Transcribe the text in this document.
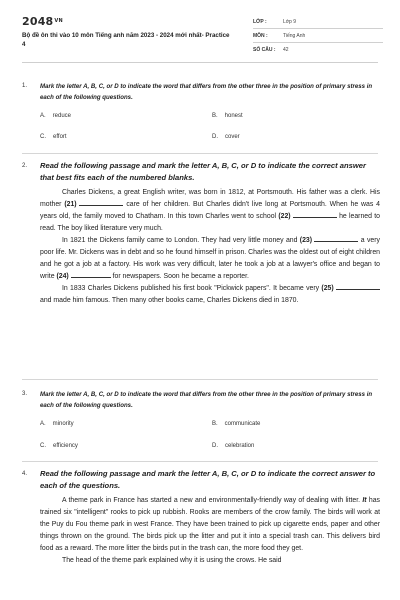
$2048^{VN}$
Bộ đề ôn thi vào 10 môn Tiếng anh năm 2023 - 2024 mới nhất- Practice 4
LỚP :	Lớp 9
MÔN :	Tiếng Anh
SỐ CÂU : 42
1. Mark the letter A, B, C, or D to indicate the word that differs from the other three in the position of primary stress in each of the following questions.
A. reduce	B. honest
C. effort	D. cover
2. Read the following passage and mark the letter A, B, C, or D to indicate the correct answer that best fits each of the numbered blanks.

Charles Dickens, a great English writer, was born in 1812, at Portsmouth. His father was a clerk. His mother (21)	care of her children. But Charles didn't live long at Portsmouth. When he was 4 years old, the family moved to Chatham. In this town Charles went to school (22)	he learned to read. The boy liked literature very much.

In 1821 the Dickens family came to London. They had very little money and (23)	a very poor life. Mr. Dickens was in debt and so he found himself in prison. Charles was the oldest out of eight children and he got a job at a factory. His work was very difficult, later he took a job at a lawyer's office and began to write (24)	for newspapers. Soon he became a reporter.

In 1833 Charles Dickens published his first book "Pickwick papers". It became very (25)  and made him famous. Then many other books came, Charles Dickens died in 1870.

3. Mark the letter A, B, C, or D to indicate the word that differs from the other three in the position of primary stress in each of the following questions.
A. minority	B. communicate
C. efficiency	D. celebration
4. Read the following passage and mark the letter A, B, C, or D to indicate the correct answer to each of the questions.

A theme park in France has started a new and environmentally-friendly way of dealing with litter. It has trained six "intelligent" rooks to pick up rubbish. Rooks are members of the crow family. The birds will work at the Puy du Fou theme park in west France. They have been trained to pick up cigarette ends, paper and other things thrown on the ground. The birds pick up the litter and put it into a special trash can. This delivers bird food as a reward. The more litter the birds put in the trash can, the more food they get.

The head of the theme park explained why it is using the crows. He said
